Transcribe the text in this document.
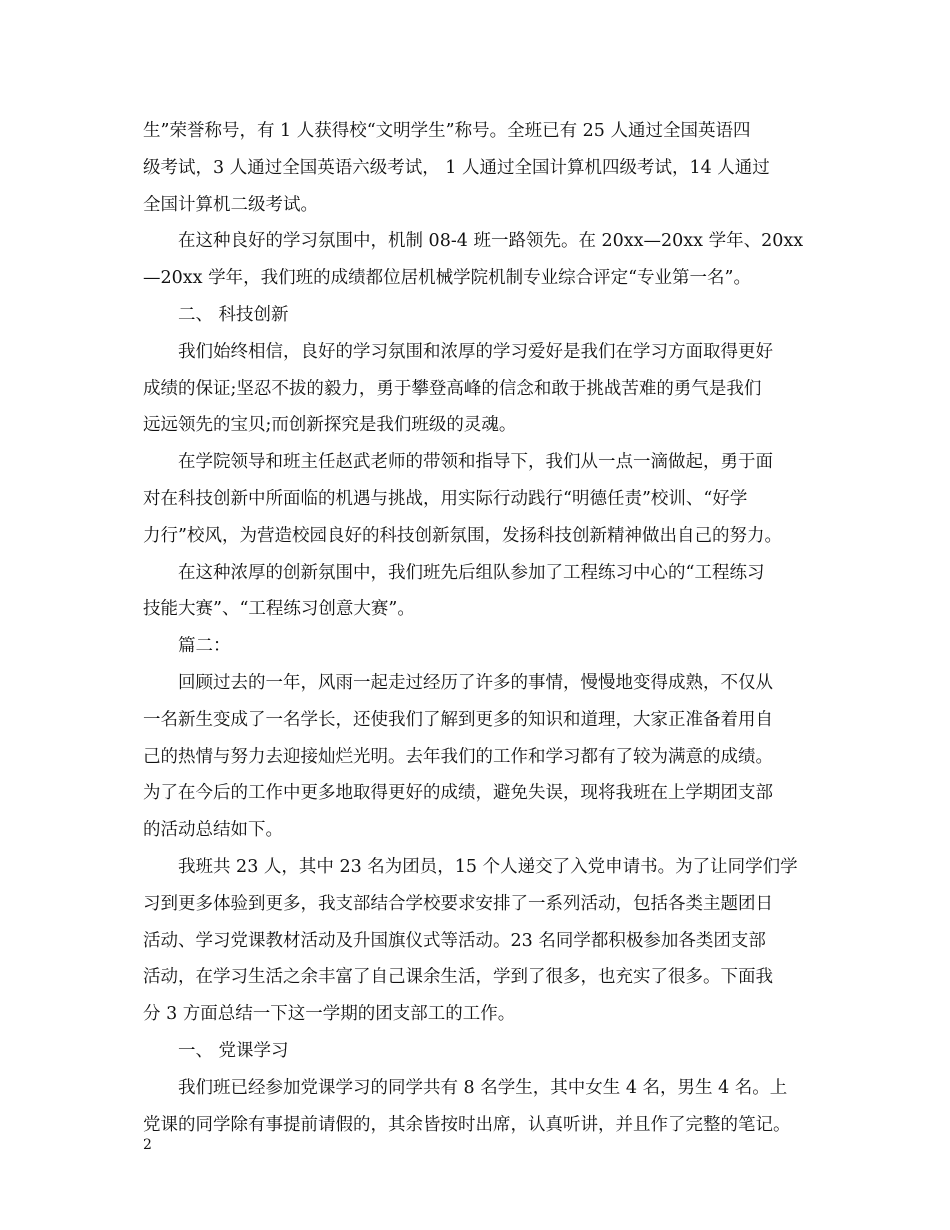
生”荣誉称号，有 1 人获得校“文明学生”称号。全班已有 25 人通过全国英语四
级考试，3 人通过全国英语六级考试， 1 人通过全国计算机四级考试，14 人通过
全国计算机二级考试。
　　在这种良好的学习氛围中，机制 08-4 班一路领先。在 20xx—20xx 学年、20xx
—20xx 学年，我们班的成绩都位居机械学院机制专业综合评定“专业第一名”。
　　二、 科技创新
　　我们始终相信，良好的学习氛围和浓厚的学习爱好是我们在学习方面取得更好
成绩的保证;坚忍不拔的毅力，勇于攀登高峰的信念和敢于挑战苦难的勇气是我们
远远领先的宝贝;而创新探究是我们班级的灵魂。
　　在学院领导和班主任赵武老师的带领和指导下，我们从一点一滴做起，勇于面
对在科技创新中所面临的机遇与挑战，用实际行动践行“明德任责”校训、“好学
力行”校风，为营造校园良好的科技创新氛围，发扬科技创新精神做出自己的努力。
　　在这种浓厚的创新氛围中，我们班先后组队参加了工程练习中心的“工程练习
技能大赛”、“工程练习创意大赛”。
　　篇二：
　　回顾过去的一年，风雨一起走过经历了许多的事情，慢慢地变得成熟，不仅从
一名新生变成了一名学长，还使我们了解到更多的知识和道理，大家正准备着用自
己的热情与努力去迎接灿烂光明。去年我们的工作和学习都有了较为满意的成绩。
为了在今后的工作中更多地取得更好的成绩，避免失误，现将我班在上学期团支部
的活动总结如下。
　　我班共 23 人，其中 23 名为团员，15 个人递交了入党申请书。为了让同学们学
习到更多体验到更多，我支部结合学校要求安排了一系列活动，包括各类主题团日
活动、学习党课教材活动及升国旗仪式等活动。23 名同学都积极参加各类团支部
活动，在学习生活之余丰富了自己课余生活，学到了很多，也充实了很多。下面我
分 3 方面总结一下这一学期的团支部工的工作。
　　一、 党课学习
　　我们班已经参加党课学习的同学共有 8 名学生，其中女生 4 名，男生 4 名。上
党课的同学除有事提前请假的，其余皆按时出席，认真听讲，并且作了完整的笔记。
2
